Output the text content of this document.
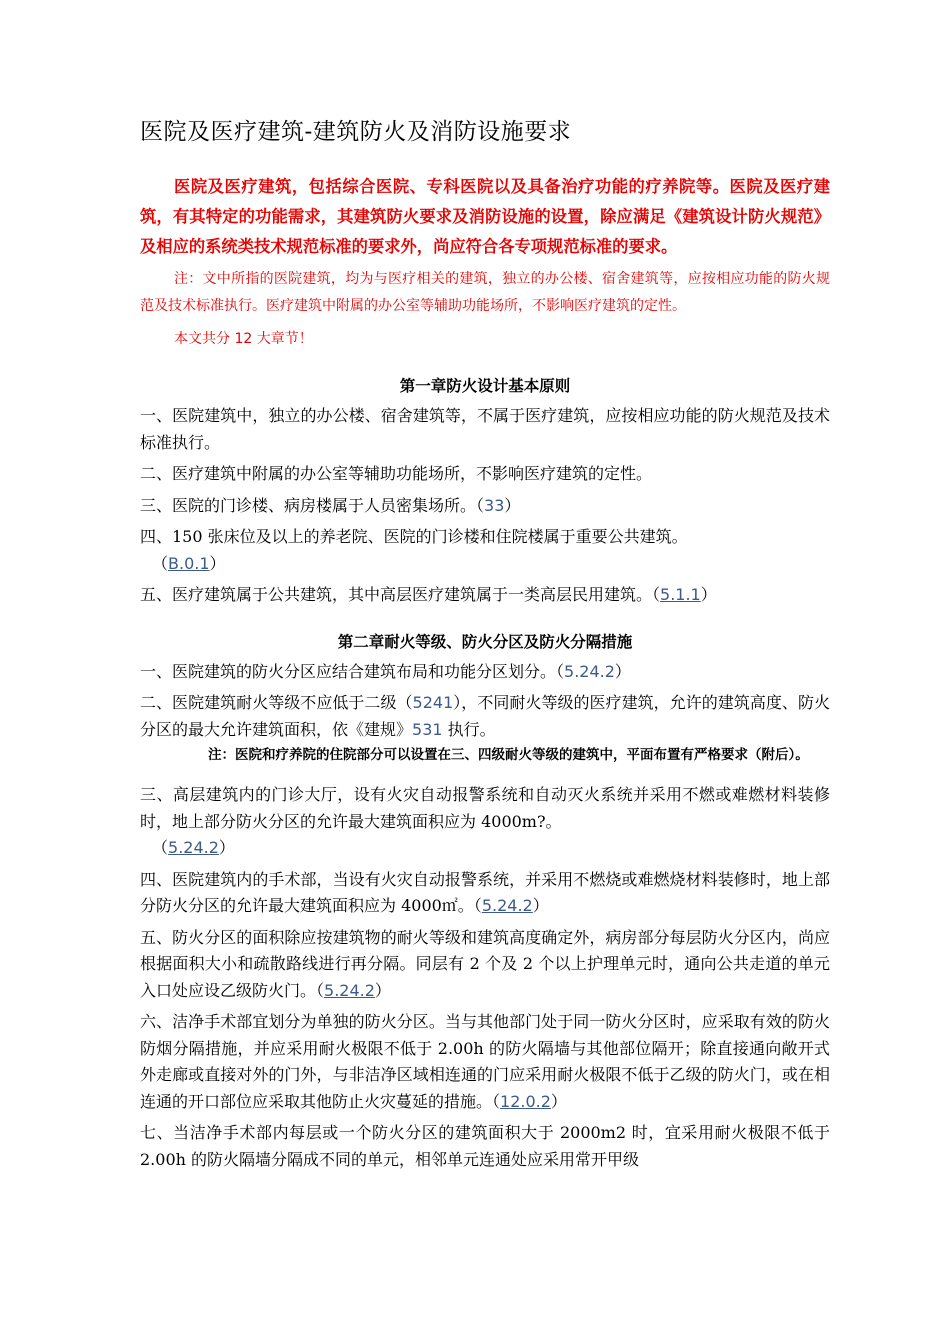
医院及医疗建筑-建筑防火及消防设施要求

医院及医疗建筑，包括综合医院、专科医院以及具备治疗功能的疗养院等。医院及医疗建筑，有其特定的功能需求，其建筑防火要求及消防设施的设置，除应满足《建筑设计防火规范》及相应的系统类技术规范标准的要求外，尚应符合各专项规范标准的要求。

注：文中所指的医院建筑，均为与医疗相关的建筑，独立的办公楼、宿舍建筑等，应按相应功能的防火规范及技术标准执行。医疗建筑中附属的办公室等辅助功能场所，不影响医疗建筑的定性。

本文共分 12 大章节！

第一章防火设计基本原则

一、医院建筑中，独立的办公楼、宿舍建筑等，不属于医疗建筑，应按相应功能的防火规范及技术标准执行。

二、医疗建筑中附属的办公室等辅助功能场所，不影响医疗建筑的定性。

三、医院的门诊楼、病房楼属于人员密集场所。（33）

四、150 张床位及以上的养老院、医院的门诊楼和住院楼属于重要公共建筑。
（B.0.1）

五、医疗建筑属于公共建筑，其中高层医疗建筑属于一类高层民用建筑。（5.1.1）

第二章耐火等级、防火分区及防火分隔措施

一、医院建筑的防火分区应结合建筑布局和功能分区划分。（5.24.2）

二、医院建筑耐火等级不应低于二级（5241），不同耐火等级的医疗建筑，允许的建筑高度、防火分区的最大允许建筑面积，依《建规》531 执行。

注：医院和疗养院的住院部分可以设置在三、四级耐火等级的建筑中，平面布置有严格要求（附后）。

三、高层建筑内的门诊大厅，设有火灾自动报警系统和自动灭火系统并采用不燃或难燃材料装修时，地上部分防火分区的允许最大建筑面积应为 4000m?。
（5.24.2）

四、医院建筑内的手术部，当设有火灾自动报警系统，并采用不燃烧或难燃烧材料装修时，地上部分防火分区的允许最大建筑面积应为 4000㎡。（5.24.2）

五、防火分区的面积除应按建筑物的耐火等级和建筑高度确定外，病房部分每层防火分区内，尚应根据面积大小和疏散路线进行再分隔。同层有 2 个及 2 个以上护理单元时，通向公共走道的单元入口处应设乙级防火门。（5.24.2）

六、洁净手术部宜划分为单独的防火分区。当与其他部门处于同一防火分区时，应采取有效的防火防烟分隔措施，并应采用耐火极限不低于 2.00h 的防火隔墙与其他部位隔开；除直接通向敞开式外走廊或直接对外的门外，与非洁净区域相连通的门应采用耐火极限不低于乙级的防火门，或在相连通的开口部位应采取其他防止火灾蔓延的措施。（12.0.2）

七、当洁净手术部内每层或一个防火分区的建筑面积大于 2000m2 时，宜采用耐火极限不低于 2.00h 的防火隔墙分隔成不同的单元，相邻单元连通处应采用常开甲级
